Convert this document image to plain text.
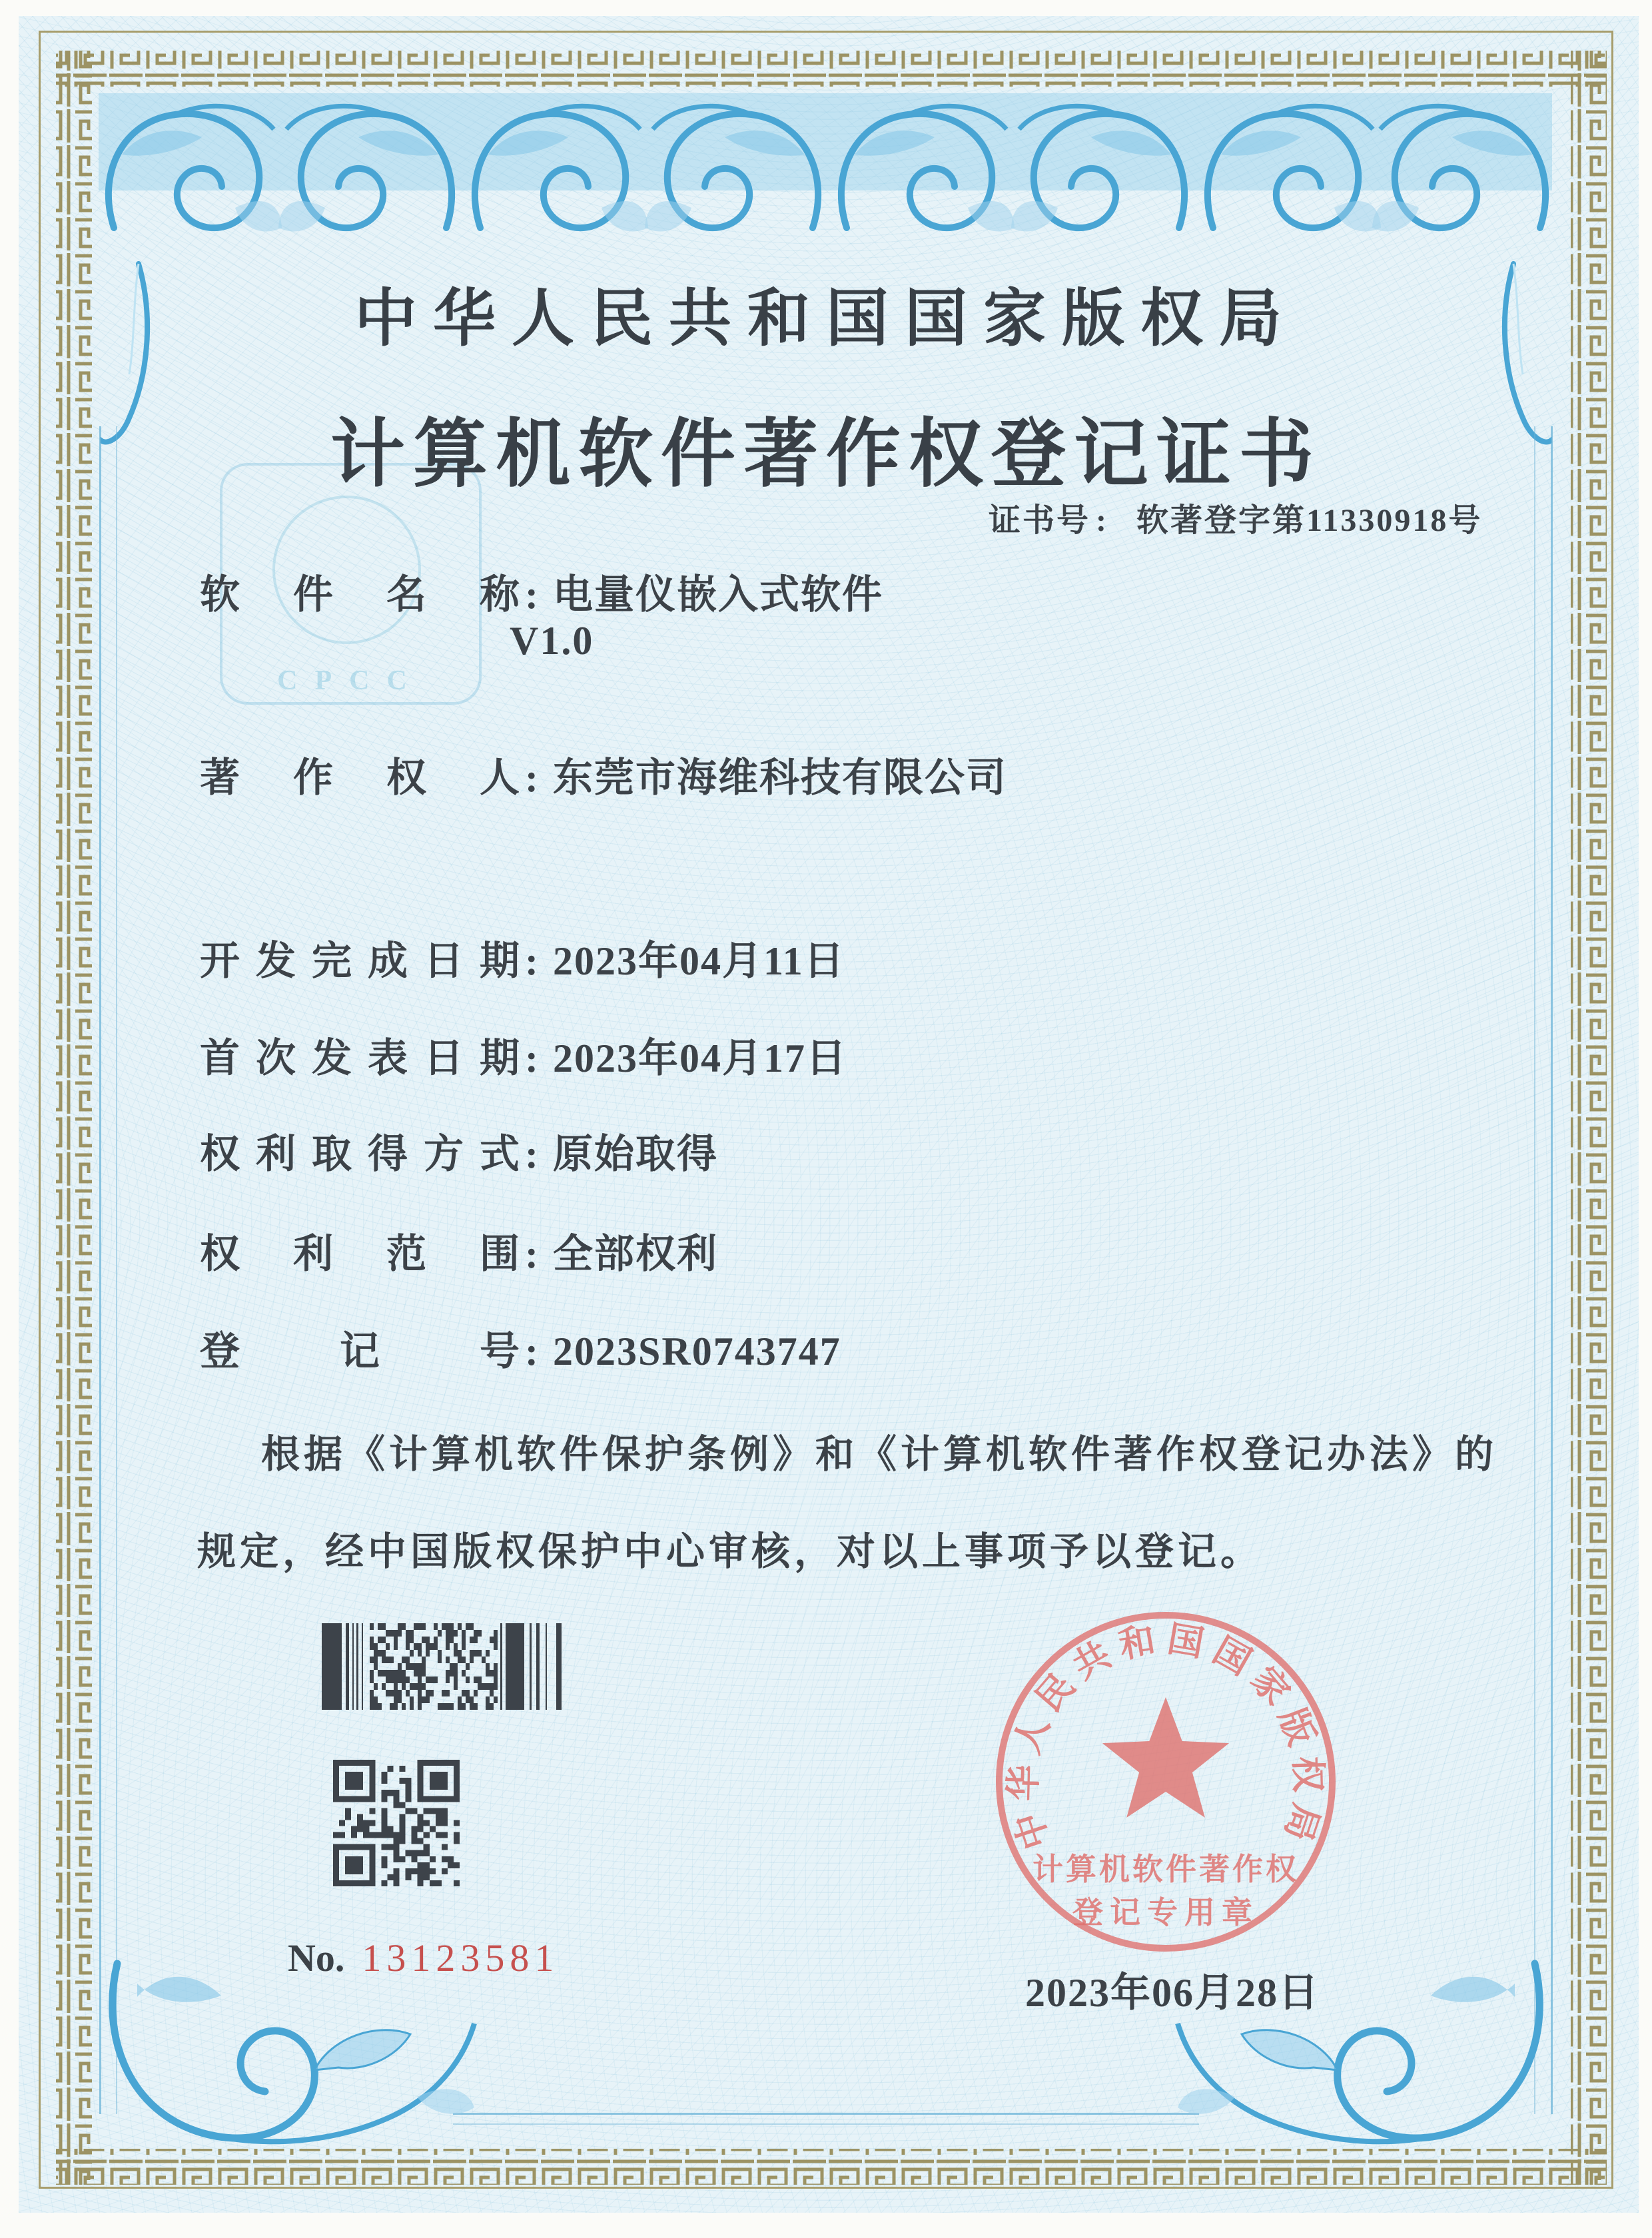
CPCC
中华人民共和国国家版权局
计算机软件著作权登记证书
证书号 : 软著登字第11330918号
软件名称 : 电量仪嵌入式软件
V1.0
著作权人 : 东莞市海维科技有限公司
开发完成日期 : 2023年04月11日
首次发表日期 : 2023年04月17日
权利取得方式 : 原始取得
权利范围 : 全部权利
登记号 : 2023SR0743747
根据《计算机软件保护条例》和《计算机软件著作权登记办法》的
规定，经中国版权保护中心审核，对以上事项予以登记。
No. 13123581
2023年06月28日
中华人民共和国国家版权局
计算机软件著作权
登记专用章
